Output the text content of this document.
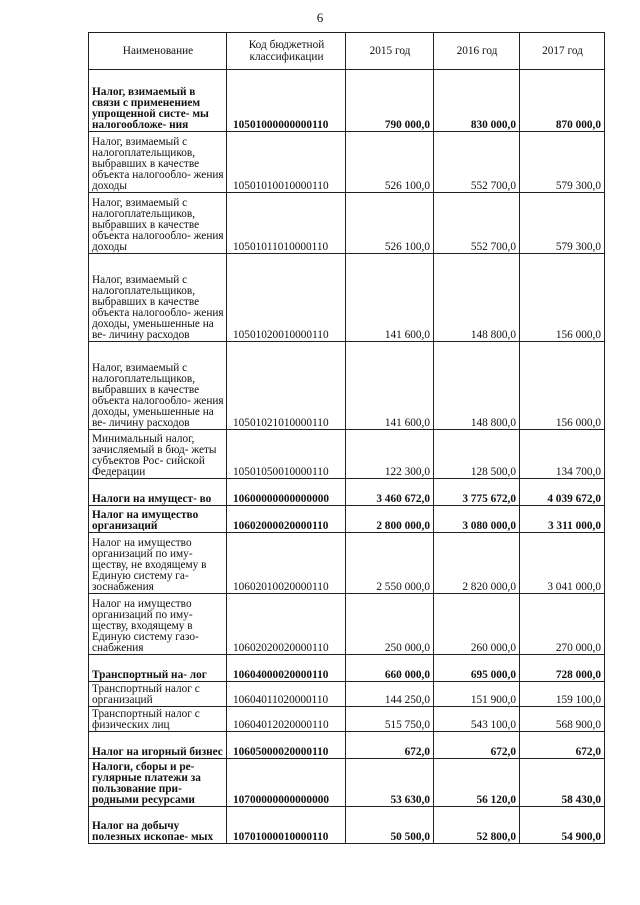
6
Наименование	Код бюджетной классификации	2015 год	2016 год	2017 год
Налог, взимаемый в связи с применением упрощенной систе- мы налогообложе- ния	10501000000000110	790 000,0	830 000,0	870 000,0
Налог, взимаемый с налогоплательщиков, выбравших в качестве объекта налогообло- жения доходы	10501010010000110	526 100,0	552 700,0	579 300,0
Налог, взимаемый с налогоплательщиков, выбравших в качестве объекта налогообло- жения доходы	10501011010000110	526 100,0	552 700,0	579 300,0
Налог, взимаемый с налогоплательщиков, выбравших в качестве объекта налогообло- жения доходы, уменьшенные на ве- личину расходов	10501020010000110	141 600,0	148 800,0	156 000,0
Налог, взимаемый с налогоплательщиков, выбравших в качестве объекта налогообло- жения доходы, уменьшенные на ве- личину расходов	10501021010000110	141 600,0	148 800,0	156 000,0
Минимальный налог, зачисляемый в бюд- жеты субъектов Рос- сийской Федерации	10501050010000110	122 300,0	128 500,0	134 700,0
Налоги на имущест- во	10600000000000000	3 460 672,0	3 775 672,0	4 039 672,0
Налог на имущество организаций	10602000020000110	2 800 000,0	3 080 000,0	3 311 000,0
Налог на имущество организаций по иму- ществу, не входящему в Единую систему га- зоснабжения	10602010020000110	2 550 000,0	2 820 000,0	3 041 000,0
Налог на имущество организаций по иму- ществу, входящему в Единую систему газо- снабжения	10602020020000110	250 000,0	260 000,0	270 000,0
Транспортный на- лог	10604000020000110	660 000,0	695 000,0	728 000,0
Транспортный налог с организаций	10604011020000110	144 250,0	151 900,0	159 100,0
Транспортный налог с физических лиц	10604012020000110	515 750,0	543 100,0	568 900,0
Налог на игорный бизнес	10605000020000110	672,0	672,0	672,0
Налоги, сборы и ре- гулярные платежи за пользование при- родными ресурсами	10700000000000000	53 630,0	56 120,0	58 430,0
Налог на добычу полезных ископае- мых	10701000010000110	50 500,0	52 800,0	54 900,0
